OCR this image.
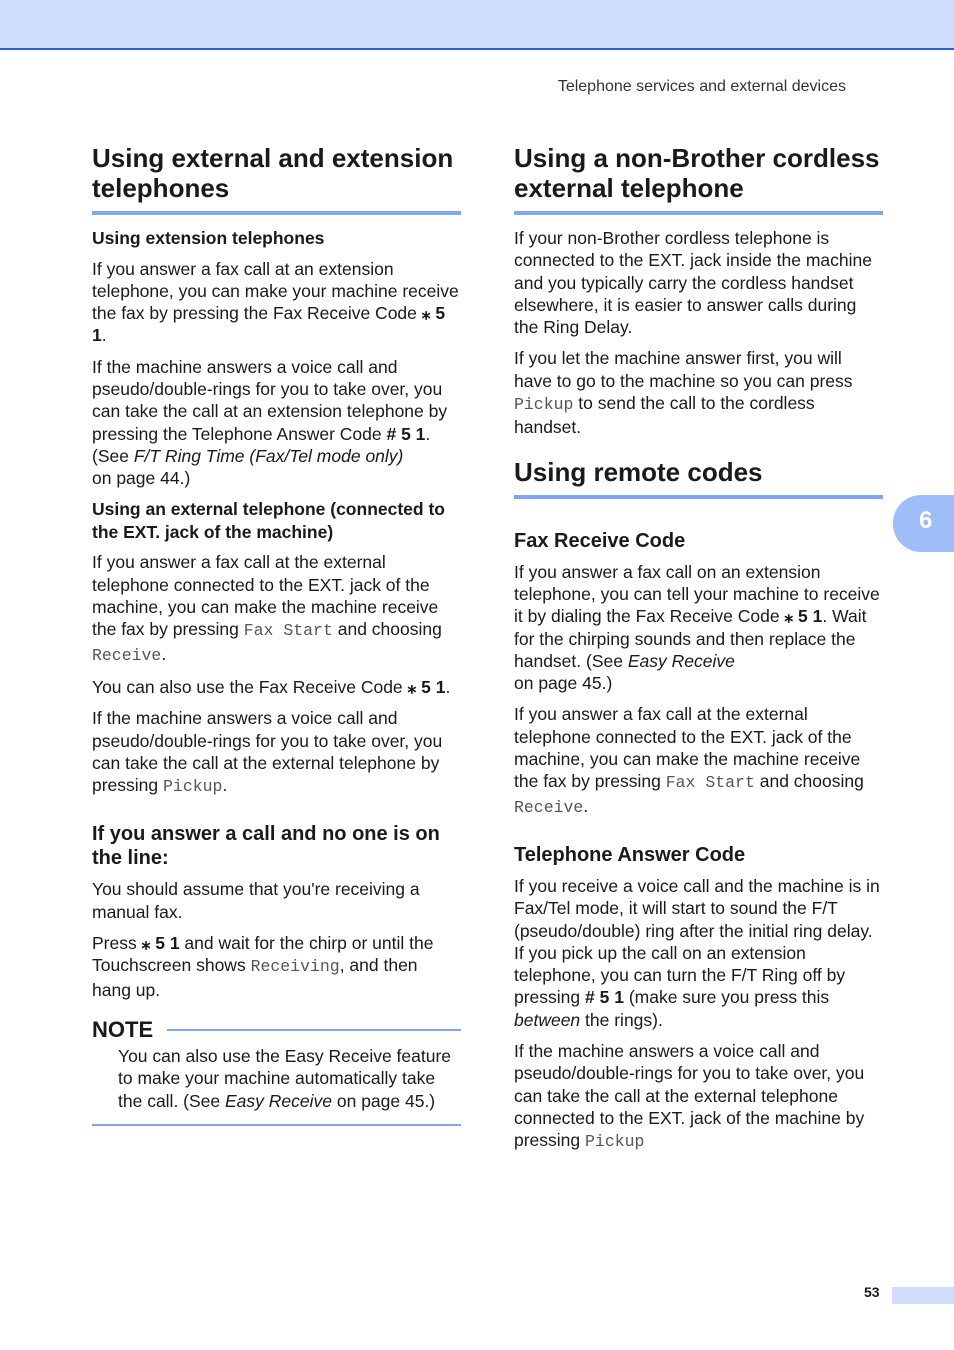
Telephone services and external devices
Using external and extension telephones
Using extension telephones

If you answer a fax call at an extension telephone, you can make your machine receive the fax by pressing the Fax Receive Code ⁎ 5 1.

If the machine answers a voice call and pseudo/double-rings for you to take over, you can take the call at an extension telephone by pressing the Telephone Answer Code # 5 1. (See F/T Ring Time (Fax/Tel mode only)
on page 44.)

Using an external telephone (connected to the EXT. jack of the machine)

If you answer a fax call at the external telephone connected to the EXT. jack of the machine, you can make the machine receive the fax by pressing Fax Start and choosing Receive.

You can also use the Fax Receive Code ⁎ 5 1.

If the machine answers a voice call and pseudo/double-rings for you to take over, you can take the call at the external telephone by pressing Pickup.

If you answer a call and no one is on the line:

You should assume that you're receiving a manual fax.

Press ⁎ 5 1 and wait for the chirp or until the Touchscreen shows Receiving, and then hang up.

NOTE

You can also use the Easy Receive feature to make your machine automatically take the call. (See Easy Receive on page 45.)

Using a non-Brother cordless external telephone

If your non-Brother cordless telephone is connected to the EXT. jack inside the machine and you typically carry the cordless handset elsewhere, it is easier to answer calls during the Ring Delay.

If you let the machine answer first, you will have to go to the machine so you can press Pickup to send the call to the cordless handset.

Using remote codes
Fax Receive Code

If you answer a fax call on an extension telephone, you can tell your machine to receive it by dialing the Fax Receive Code ⁎ 5 1. Wait for the chirping sounds and then replace the handset. (See Easy Receive
on page 45.)

If you answer a fax call at the external telephone connected to the EXT. jack of the machine, you can make the machine receive the fax by pressing Fax Start and choosing Receive.

Telephone Answer Code

If you receive a voice call and the machine is in Fax/Tel mode, it will start to sound the F/T (pseudo/double) ring after the initial ring delay. If you pick up the call on an extension telephone, you can turn the F/T Ring off by pressing # 5 1 (make sure you press this between the rings).

If the machine answers a voice call and pseudo/double-rings for you to take over, you can take the call at the external telephone connected to the EXT. jack of the machine by pressing Pickup

6
53
